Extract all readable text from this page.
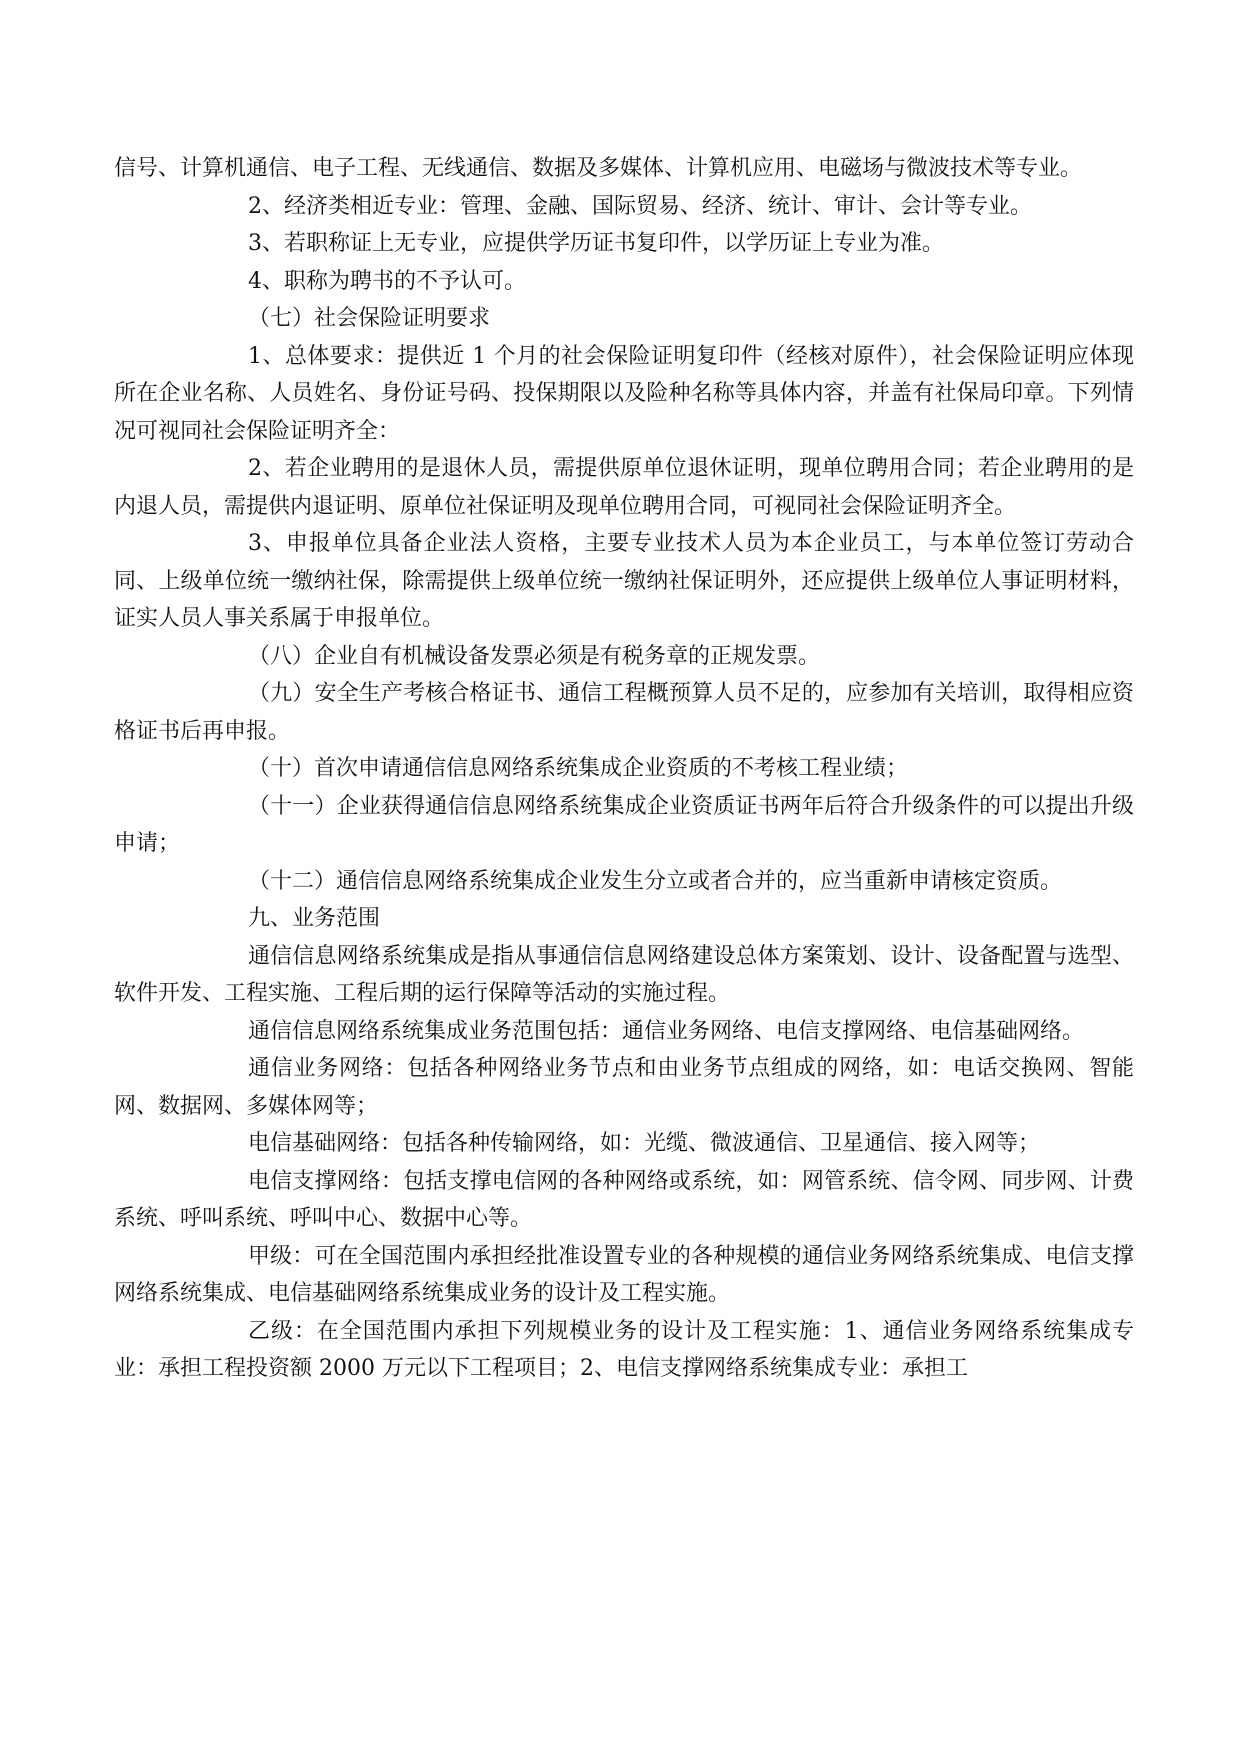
信号、计算机通信、电子工程、无线通信、数据及多媒体、计算机应用、电磁场与微波技术等专业。

2、经济类相近专业：管理、金融、国际贸易、经济、统计、审计、会计等专业。

3、若职称证上无专业，应提供学历证书复印件，以学历证上专业为准。

4、职称为聘书的不予认可。

（七）社会保险证明要求

1、总体要求：提供近 1 个月的社会保险证明复印件（经核对原件），社会保险证明应体现所在企业名称、人员姓名、身份证号码、投保期限以及险种名称等具体内容，并盖有社保局印章。下列情况可视同社会保险证明齐全：

2、若企业聘用的是退休人员，需提供原单位退休证明，现单位聘用合同；若企业聘用的是内退人员，需提供内退证明、原单位社保证明及现单位聘用合同，可视同社会保险证明齐全。

3、申报单位具备企业法人资格，主要专业技术人员为本企业员工，与本单位签订劳动合同、上级单位统一缴纳社保，除需提供上级单位统一缴纳社保证明外，还应提供上级单位人事证明材料，证实人员人事关系属于申报单位。

（八）企业自有机械设备发票必须是有税务章的正规发票。

（九）安全生产考核合格证书、通信工程概预算人员不足的，应参加有关培训，取得相应资格证书后再申报。

（十）首次申请通信信息网络系统集成企业资质的不考核工程业绩；

（十一）企业获得通信信息网络系统集成企业资质证书两年后符合升级条件的可以提出升级申请；

（十二）通信信息网络系统集成企业发生分立或者合并的，应当重新申请核定资质。

九、业务范围

通信信息网络系统集成是指从事通信信息网络建设总体方案策划、设计、设备配置与选型、软件开发、工程实施、工程后期的运行保障等活动的实施过程。

通信信息网络系统集成业务范围包括：通信业务网络、电信支撑网络、电信基础网络。

通信业务网络：包括各种网络业务节点和由业务节点组成的网络，如：电话交换网、智能网、数据网、多媒体网等；

电信基础网络：包括各种传输网络，如：光缆、微波通信、卫星通信、接入网等；

电信支撑网络：包括支撑电信网的各种网络或系统，如：网管系统、信令网、同步网、计费系统、呼叫系统、呼叫中心、数据中心等。

甲级：可在全国范围内承担经批准设置专业的各种规模的通信业务网络系统集成、电信支撑网络系统集成、电信基础网络系统集成业务的设计及工程实施。

乙级：在全国范围内承担下列规模业务的设计及工程实施：1、通信业务网络系统集成专业：承担工程投资额 2000 万元以下工程项目；2、电信支撑网络系统集成专业：承担工
